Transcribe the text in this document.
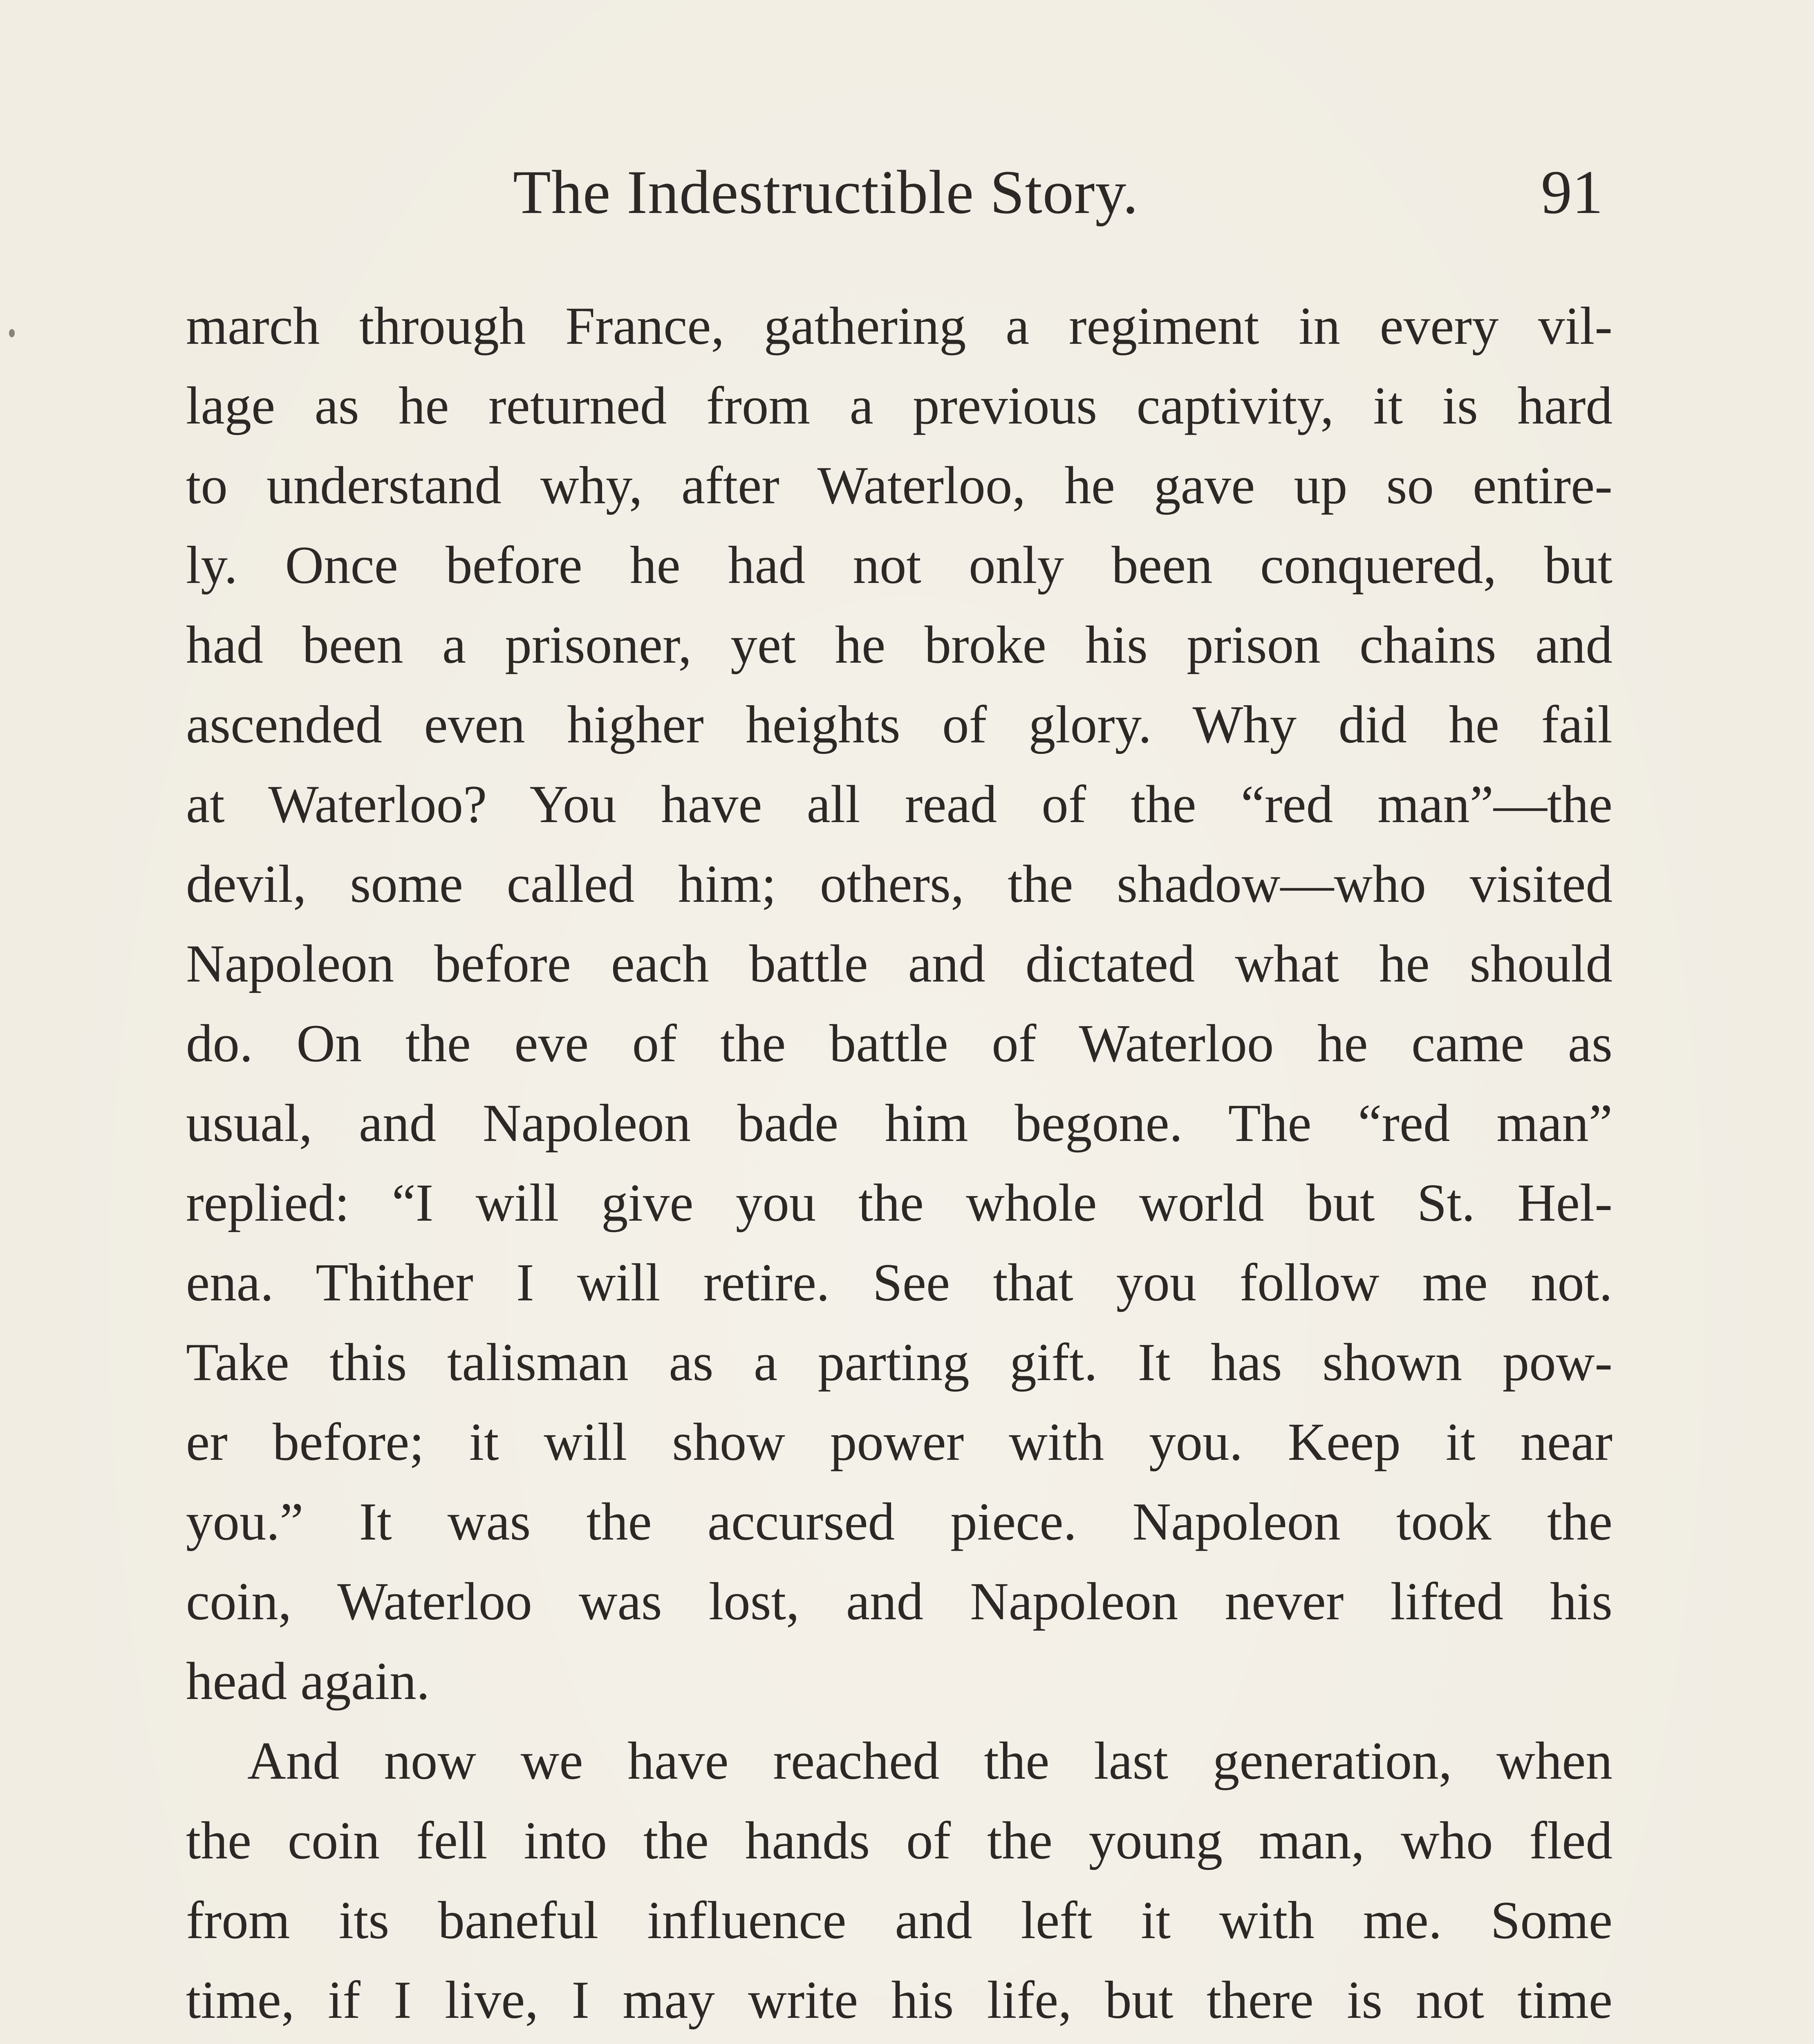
The Indestructible Story.	91

march through France, gathering a regiment in every vil-
lage as he returned from a previous captivity, it is hard
to understand why, after Waterloo, he gave up so entire-
ly. Once before he had not only been conquered, but
had been a prisoner, yet he broke his prison chains and
ascended even higher heights of glory. Why did he fail
at Waterloo? You have all read of the “red man”—the
devil, some called him; others, the shadow—who visited
Napoleon before each battle and dictated what he should
do. On the eve of the battle of Waterloo he came as
usual, and Napoleon bade him begone. The “red man”
replied: “I will give you the whole world but St. Hel-
ena. Thither I will retire. See that you follow me not.
Take this talisman as a parting gift. It has shown pow-
er before; it will show power with you. Keep it near
you.” It was the accursed piece. Napoleon took the
coin, Waterloo was lost, and Napoleon never lifted his
head again.

And now we have reached the last generation, when
the coin fell into the hands of the young man, who fled
from its baneful influence and left it with me. Some
time, if I live, I may write his life, but there is not time
